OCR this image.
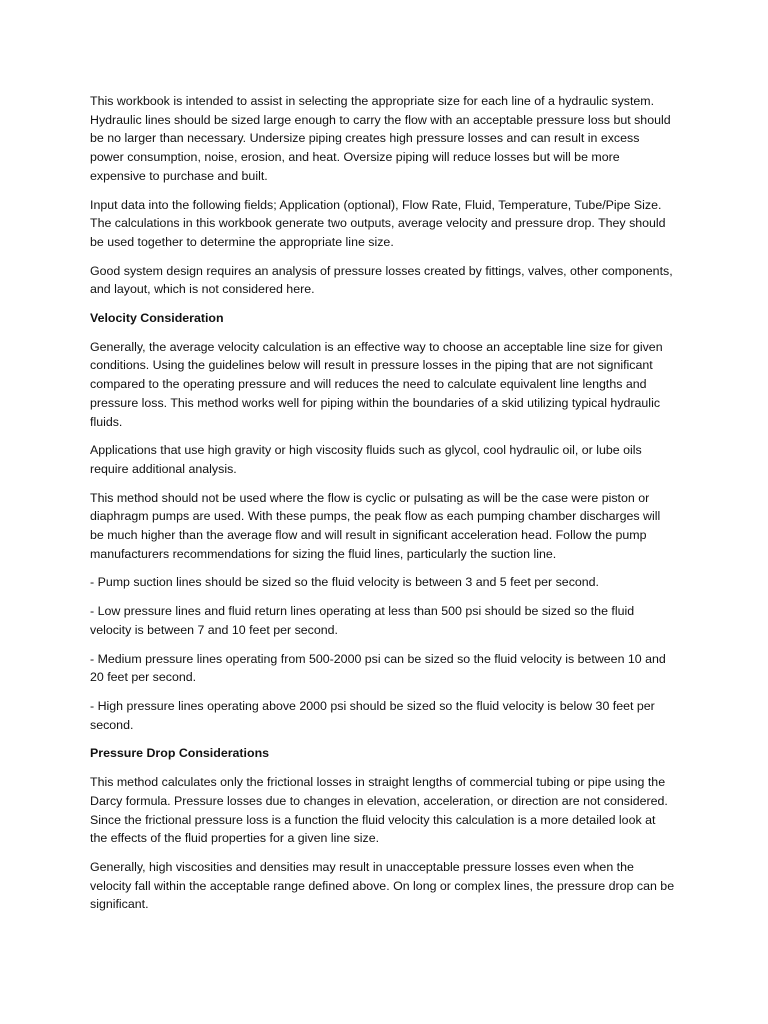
This workbook is intended to assist in selecting the appropriate size for each line of a hydraulic system. Hydraulic lines should be sized large enough to carry the flow with an acceptable pressure loss but should be no larger than necessary. Undersize piping creates high pressure losses and can result in excess power consumption, noise, erosion, and heat. Oversize piping will reduce losses but will be more expensive to purchase and built.

Input data into the following fields; Application (optional), Flow Rate, Fluid, Temperature, Tube/Pipe Size. The calculations in this workbook generate two outputs, average velocity and pressure drop. They should be used together to determine the appropriate line size.

Good system design requires an analysis of pressure losses created by fittings, valves, other components, and layout, which is not considered here.

Velocity Consideration

Generally, the average velocity calculation is an effective way to choose an acceptable line size for given conditions. Using the guidelines below will result in pressure losses in the piping that are not significant compared to the operating pressure and will reduces the need to calculate equivalent line lengths and pressure loss. This method works well for piping within the boundaries of a skid utilizing typical hydraulic fluids.

Applications that use high gravity or high viscosity fluids such as glycol, cool hydraulic oil, or lube oils require additional analysis.

This method should not be used where the flow is cyclic or pulsating as will be the case were piston or diaphragm pumps are used. With these pumps, the peak flow as each pumping chamber discharges will be much higher than the average flow and will result in significant acceleration head. Follow the pump manufacturers recommendations for sizing the fluid lines, particularly the suction line.

- Pump suction lines should be sized so the fluid velocity is between 3 and 5 feet per second.

- Low pressure lines and fluid return lines operating at less than 500 psi should be sized so the fluid velocity is between 7 and 10 feet per second.

- Medium pressure lines operating from 500-2000 psi can be sized so the fluid velocity is between 10 and 20 feet per second.

- High pressure lines operating above 2000 psi should be sized so the fluid velocity is below 30 feet per second.

Pressure Drop Considerations

This method calculates only the frictional losses in straight lengths of commercial tubing or pipe using the Darcy formula. Pressure losses due to changes in elevation, acceleration, or direction are not considered. Since the frictional pressure loss is a function the fluid velocity this calculation is a more detailed look at the effects of the fluid properties for a given line size.

Generally, high viscosities and densities may result in unacceptable pressure losses even when the velocity fall within the acceptable range defined above. On long or complex lines, the pressure drop can be significant.
